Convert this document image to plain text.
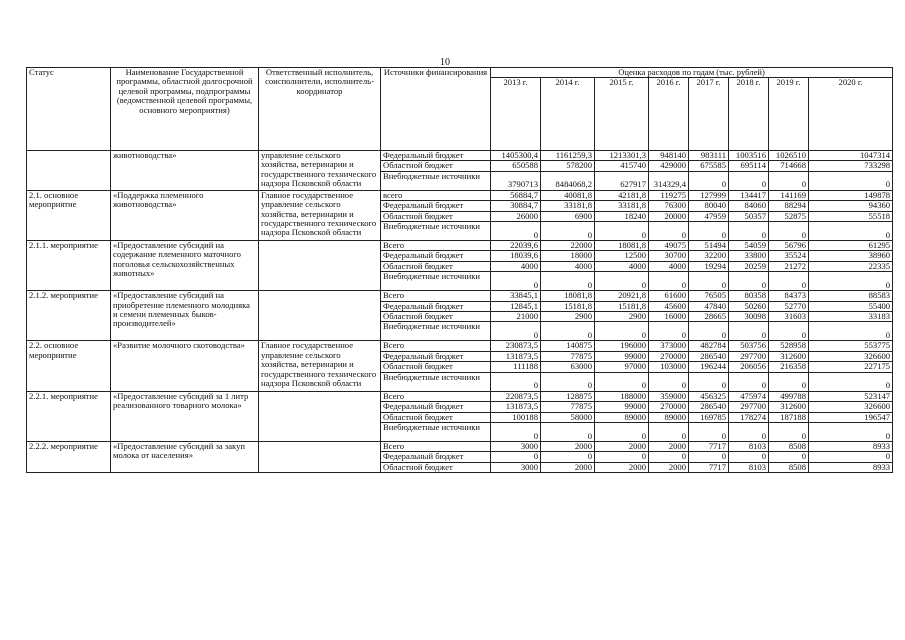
10
Статус	Наименование Государственной программы, областной долгосрочной целевой программы, подпрограммы (ведомственной целевой программы, основного мероприятия)	Ответственный исполнитель, соисполнители, исполнитель-координатор	Источники финансирования	Оценка расходов по годам (тыс. рублей)							
				2013 г.	2014 г.	2015 г.	2016 г.	2017 г.	2018 г.	2019 г.	2020 г.
	животноводства»	управление сельского хозяйства, ветеринарии и государственного технического надзора Псковской области	Федеральный бюджет	1405300,4	1161259,3	1213301,3	948140	983111	1003516	1026510	1047314
			Областной бюджет	650588	578200	415740	429000	675585	695114	714668	733298
			Внебюджетные источники	3790713	8484068,2	627917	314329,4	0	0	0	0
2.1. основное мероприятие	«Поддержка племенного животноводства»	Главное государственное управление сельского хозяйства, ветеринарии и государственного технического надзора Псковской области	всего	56884,7	40081,8	42181,8	119275	127999	134417	141169	149878
			Федеральный бюджет	30884,7	33181,8	33181,8	76300	80040	84060	88294	94360
			Областной бюджет	26000	6900	18240	20000	47959	50357	52875	55518
			Внебюджетные источники	0	0	0	0	0	0	0	0
2.1.1. мероприятие	«Предоставление субсидий на содержание племенного маточного поголовья сельскохозяйственных животных»		Всего	22039,6	22000	18081,8	49075	51494	54059	56796	61295
			Федеральный бюджет	18039,6	18000	12500	30700	32200	33800	35524	38960
			Областной бюджет	4000	4000	4000	4000	19294	20259	21272	22335
			Внебюджетные источники	0	0	0	0	0	0	0	0
2.1.2. мероприятие	«Предоставление субсидий на приобретение племенного молодняка и семени племенных быков-производителей»		Всего	33845,1	18081,8	20921,8	61600	76505	80358	84373	88583
			Федеральный бюджет	12845,1	15181,8	15181,8	45600	47840	50260	52770	55400
			Областной бюджет	21000	2900	2900	16000	28665	30098	31603	33183
			Внебюджетные источники	0	0	0	0	0	0	0	0
2.2. основное мероприятие	«Развитие молочного скотоводства»	Главное государственное управление сельского хозяйства, ветеринарии и государственного технического надзора Псковской области	Всего	230873,5	140875	196000	373000	482784	503756	528958	553775
			Федеральный бюджет	131873,5	77875	99000	270000	286540	297700	312600	326600
			Областной бюджет	111188	63000	97000	103000	196244	206056	216358	227175
			Внебюджетные источники	0	0	0	0	0	0	0	0
2.2.1. мероприятие	«Предоставление субсидий за 1 литр реализованного товарного молока»		Всего	220873,5	128875	188000	359000	456325	475974	499788	523147
			Федеральный бюджет	131873,5	77875	99000	270000	286540	297700	312600	326600
			Областной бюджет	100188	58000	89000	89000	169785	178274	187188	196547
			Внебюджетные источники	0	0	0	0	0	0	0	0
2.2.2. мероприятие	«Предоставление субсидий за закуп молока от населения»		Всего	3000	2000	2000	2000	7717	8103	8508	8933
			Федеральный бюджет	0	0	0	0	0	0	0	0
			Областной бюджет	3000	2000	2000	2000	7717	8103	8508	8933
